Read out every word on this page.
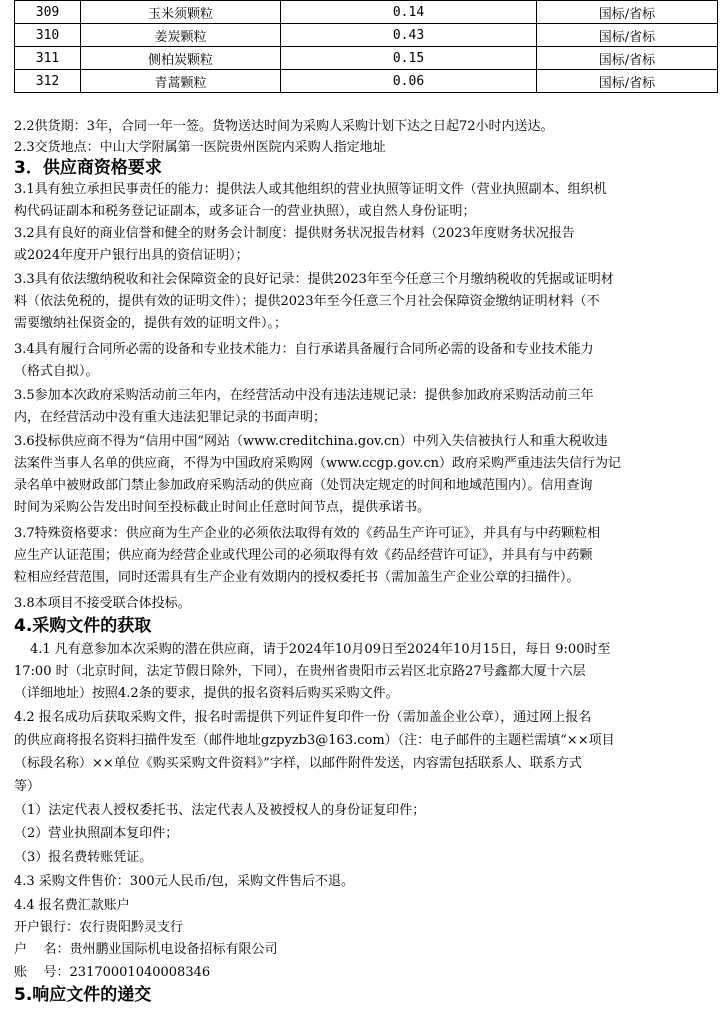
309	玉米须颗粒	0.14	国标/省标
310	姜炭颗粒	0.43	国标/省标
311	侧柏炭颗粒	0.15	国标/省标
312	青蒿颗粒	0.06	国标/省标
2.2供货期：3年，合同一年一签。货物送达时间为采购人采购计划下达之日起72小时内送达。
2.3交货地点：中山大学附属第一医院贵州医院内采购人指定地址
3．供应商资格要求
3.1具有独立承担民事责任的能力：提供法人或其他组织的营业执照等证明文件（营业执照副本、组织机
构代码证副本和税务登记证副本，或多证合一的营业执照），或自然人身份证明；
3.2具有良好的商业信誉和健全的财务会计制度：提供财务状况报告材料（2023年度财务状况报告
或2024年度开户银行出具的资信证明）；
3.3具有依法缴纳税收和社会保障资金的良好记录：提供2023年至今任意三个月缴纳税收的凭据或证明材
料（依法免税的，提供有效的证明文件）；提供2023年至今任意三个月社会保障资金缴纳证明材料（不
需要缴纳社保资金的，提供有效的证明文件）。；
3.4具有履行合同所必需的设备和专业技术能力：自行承诺具备履行合同所必需的设备和专业技术能力
（格式自拟）。
3.5参加本次政府采购活动前三年内，在经营活动中没有违法违规记录：提供参加政府采购活动前三年
内，在经营活动中没有重大违法犯罪记录的书面声明；
3.6投标供应商不得为“信用中国”网站（www.creditchina.gov.cn）中列入失信被执行人和重大税收违
法案件当事人名单的供应商，不得为中国政府采购网（www.ccgp.gov.cn）政府采购严重违法失信行为记
录名单中被财政部门禁止参加政府采购活动的供应商（处罚决定规定的时间和地域范围内）。信用查询
时间为采购公告发出时间至投标截止时间止任意时间节点，提供承诺书。
3.7特殊资格要求：供应商为生产企业的必须依法取得有效的《药品生产许可证》，并具有与中药颗粒相
应生产认证范围；供应商为经营企业或代理公司的必须取得有效《药品经营许可证》，并具有与中药颗
粒相应经营范围，同时还需具有生产企业有效期内的授权委托书（需加盖生产企业公章的扫描件）。
3.8本项目不接受联合体投标。
4.采购文件的获取
4.1 凡有意参加本次采购的潜在供应商，请于2024年10月09日至2024年10月15日，每日 9:00时至
17:00 时（北京时间，法定节假日除外，下同），在贵州省贵阳市云岩区北京路27号鑫都大厦十六层
（详细地址）按照4.2条的要求，提供的报名资料后购买采购文件。
4.2 报名成功后获取采购文件，报名时需提供下列证件复印件一份（需加盖企业公章），通过网上报名
的供应商将报名资料扫描件发至（邮件地址gzpyzb3@163.com）（注：电子邮件的主题栏需填“××项目
（标段名称）××单位《购买采购文件资料》”字样，以邮件附件发送，内容需包括联系人、联系方式
等）
（1）法定代表人授权委托书、法定代表人及被授权人的身份证复印件；
（2）营业执照副本复印件；
（3）报名费转账凭证。
4.3 采购文件售价：300元人民币/包，采购文件售后不退。
4.4 报名费汇款账户
开户银行：农行贵阳黔灵支行
户    名：贵州鹏业国际机电设备招标有限公司
账    号：23170001040008346
5.响应文件的递交
